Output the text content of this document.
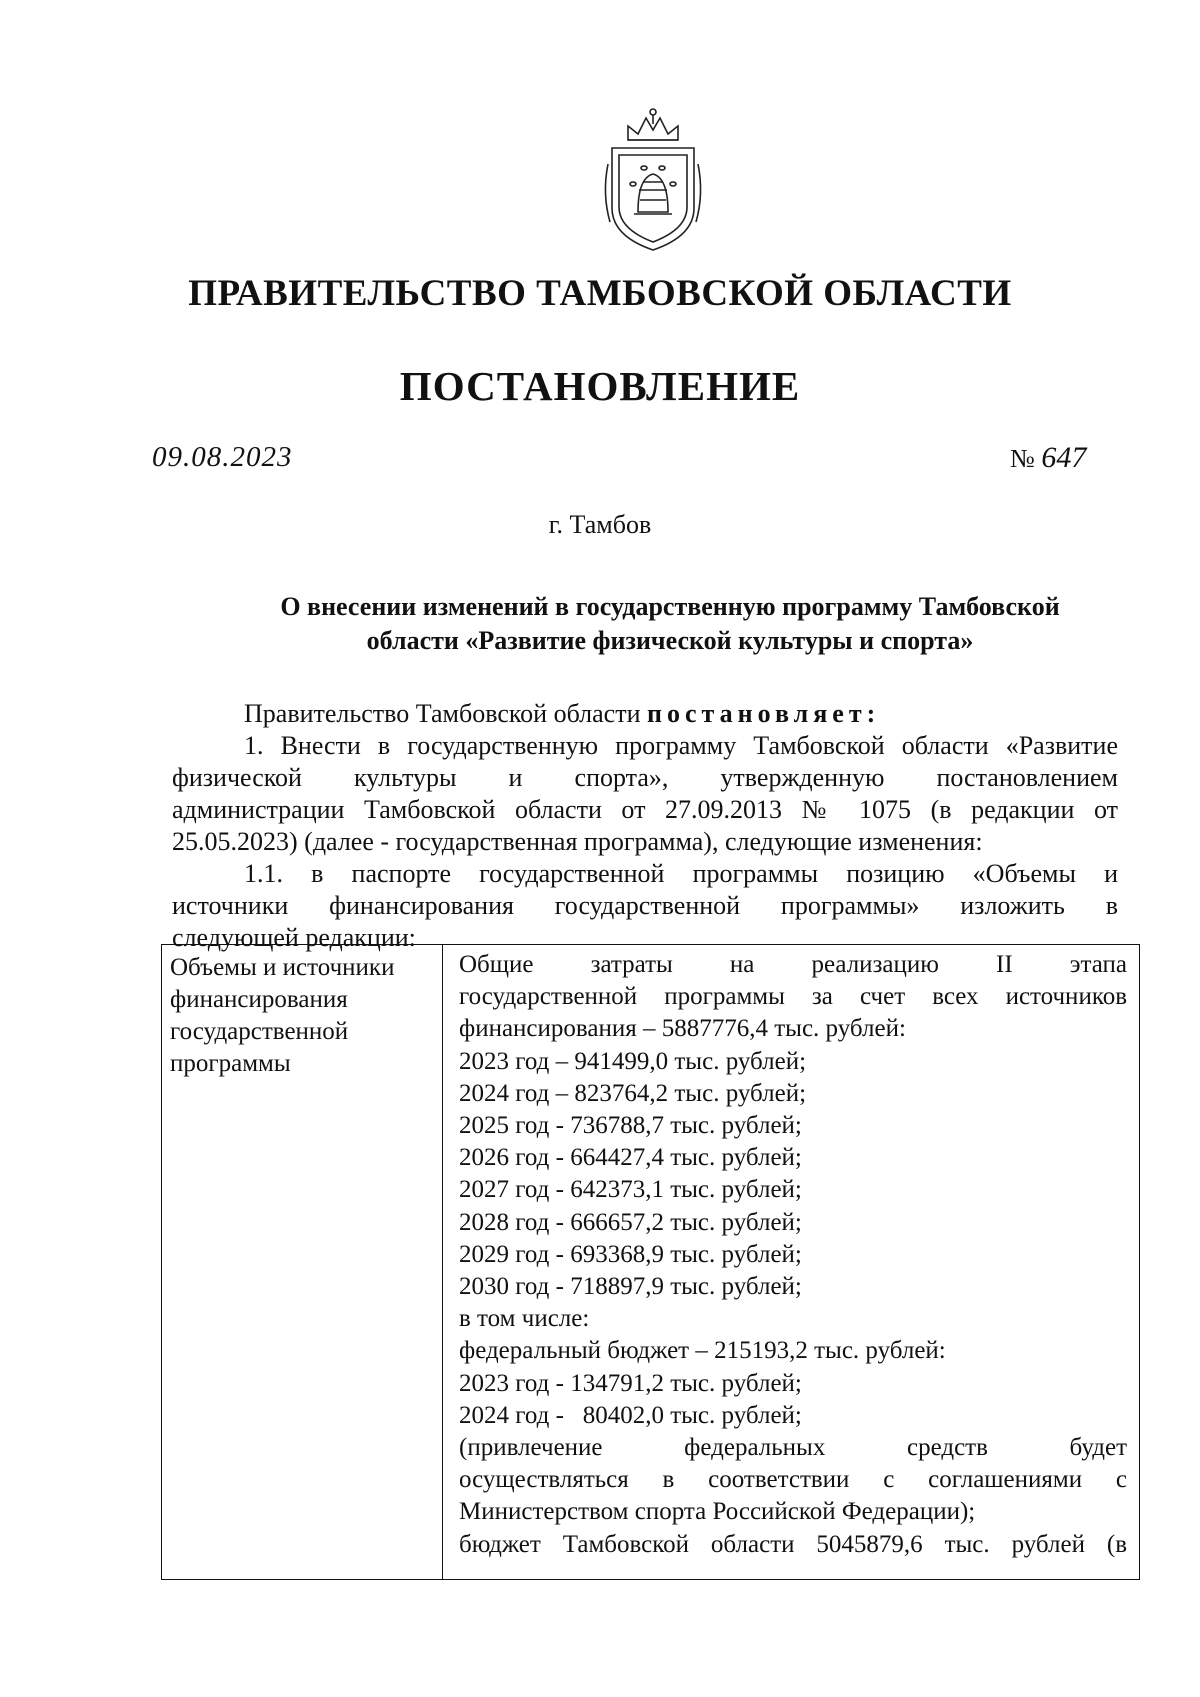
ПРАВИТЕЛЬСТВО ТАМБОВСКОЙ ОБЛАСТИ
ПОСТАНОВЛЕНИЕ
09.08.2023	№ 647
г. Тамбов
О внесении изменений в государственную программу Тамбовской
области «Развитие физической культуры и спорта»

Правительство Тамбовской области постановляет:

1. Внести в государственную программу Тамбовской области «Развитие

физической культуры и спорта», утвержденную постановлением

администрации Тамбовской области от 27.09.2013 № 1075 (в редакции от

25.05.2023) (далее - государственная программа), следующие изменения:

1.1. в паспорте государственной программы позицию «Объемы и

источники финансирования государственной программы» изложить в

следующей редакции:

Объемы и источники
финансирования
государственной
программы
Общие затраты на реализацию II этапа
государственной программы за счет всех источников
финансирования – 5887776,4 тыс. рублей:
2023 год – 941499,0 тыс. рублей;
2024 год – 823764,2 тыс. рублей;
2025 год - 736788,7 тыс. рублей;
2026 год - 664427,4 тыс. рублей;
2027 год - 642373,1 тыс. рублей;
2028 год - 666657,2 тыс. рублей;
2029 год - 693368,9 тыс. рублей;
2030 год - 718897,9 тыс. рублей;
в том числе:
федеральный бюджет – 215193,2 тыс. рублей:
2023 год - 134791,2 тыс. рублей;
2024 год -   80402,0 тыс. рублей;
(привлечение федеральных средств будет
осуществляться в соответствии с соглашениями с
Министерством спорта Российской Федерации);
бюджет Тамбовской области 5045879,6 тыс. рублей (в
